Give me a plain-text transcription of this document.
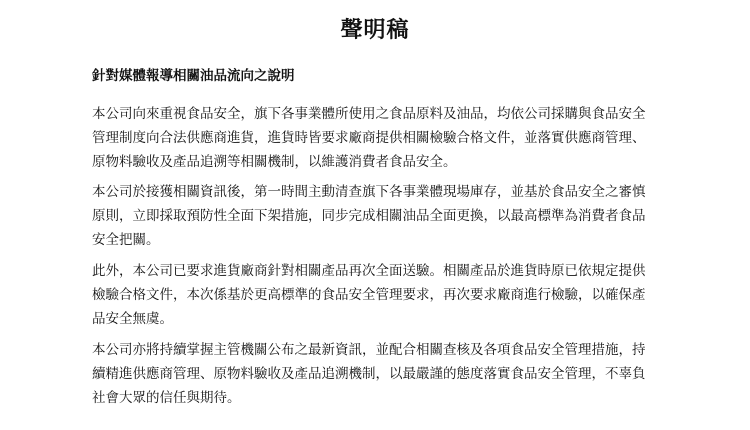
聲明稿
針對媒體報導相關油品流向之說明
本公司向來重視食品安全，旗下各事業體所使用之食品原料及油品，均依公司採購與食品安全
管理制度向合法供應商進貨，進貨時皆要求廠商提供相關檢驗合格文件，並落實供應商管理、
原物料驗收及產品追溯等相關機制，以維護消費者食品安全。
本公司於接獲相關資訊後，第一時間主動清查旗下各事業體現場庫存，並基於食品安全之審慎
原則，立即採取預防性全面下架措施，同步完成相關油品全面更換，以最高標準為消費者食品
安全把關。
此外，本公司已要求進貨廠商針對相關產品再次全面送驗。相關產品於進貨時原已依規定提供
檢驗合格文件，本次係基於更高標準的食品安全管理要求，再次要求廠商進行檢驗，以確保產
品安全無虞。
本公司亦將持續掌握主管機關公布之最新資訊，並配合相關查核及各項食品安全管理措施，持
續精進供應商管理、原物料驗收及產品追溯機制，以最嚴謹的態度落實食品安全管理，不辜負
社會大眾的信任與期待。
